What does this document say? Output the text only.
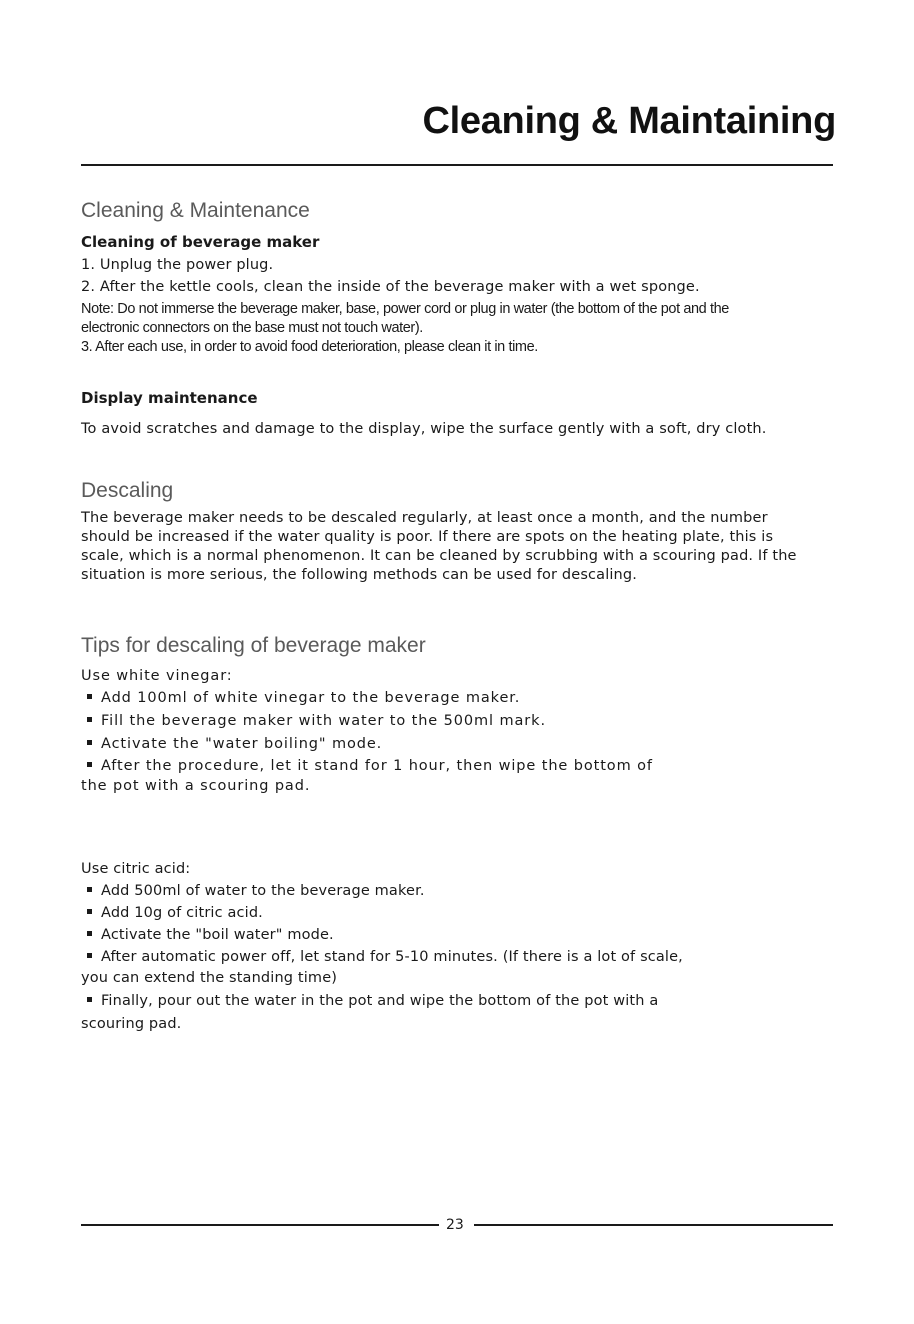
Cleaning & Maintaining
Cleaning & Maintenance
Cleaning of beverage maker
1. Unplug the power plug.
2. After the kettle cools, clean the inside of the beverage maker with a wet sponge.
Note: Do not immerse the beverage maker, base, power cord or plug in water (the bottom of the pot and the
electronic connectors on the base must not touch water).
3. After each use, in order to avoid food deterioration, please clean it in time.
Display maintenance
To avoid scratches and damage to the display, wipe the surface gently with a soft, dry cloth.
Descaling
The beverage maker needs to be descaled regularly, at least once a month, and the number
should be increased if the water quality is poor. If there are spots on the heating plate, this is
scale, which is a normal phenomenon. It can be cleaned by scrubbing with a scouring pad. If the
situation is more serious, the following methods can be used for descaling.
Tips for descaling of beverage maker
Use white vinegar:
Add 100ml of white vinegar to the beverage maker.
Fill the beverage maker with water to the 500ml mark.
Activate the "water boiling" mode.
After the procedure, let it stand for 1 hour, then wipe the bottom of
the pot with a scouring pad.
Use citric acid:
Add 500ml of water to the beverage maker.
Add 10g of citric acid.
Activate the "boil water" mode.
After automatic power off, let stand for 5-10 minutes. (If there is a lot of scale,
you can extend the standing time)
Finally, pour out the water in the pot and wipe the bottom of the pot with a
scouring pad.
23
